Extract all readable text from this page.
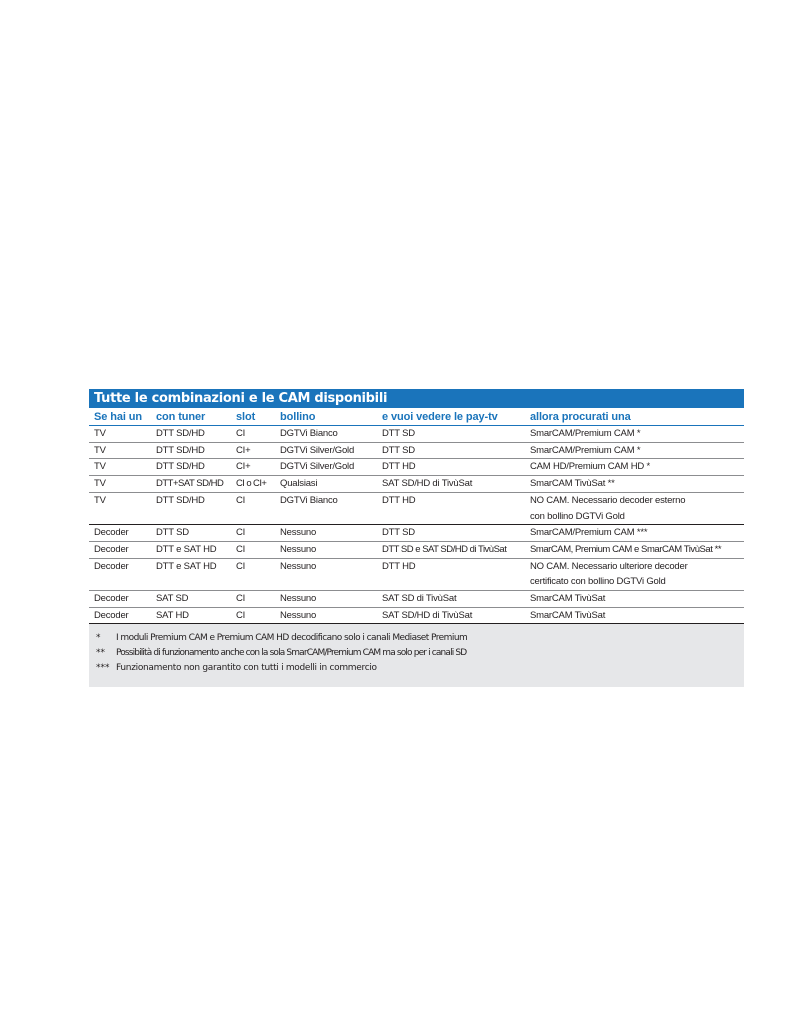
Tutte le combinazioni e le CAM disponibili
Se hai un	con tuner	slot	bollino	e vuoi vedere le pay-tv	allora procurati una
TV	DTT SD/HD	CI	DGTVi Bianco	DTT SD	SmarCAM/Premium CAM *

TV	DTT SD/HD	CI+	DGTVi Silver/Gold	DTT SD	SmarCAM/Premium CAM *

TV	DTT SD/HD	CI+	DGTVi Silver/Gold	DTT HD	CAM HD/Premium CAM HD *

TV	DTT+SAT SD/HD	CI o CI+	Qualsiasi	SAT SD/HD di TivùSat	SmarCAM TivùSat **

TV	DTT SD/HD	CI	DGTVi Bianco	DTT HD	NO CAM. Necessario decoder esterno
con bollino DGTVi Gold

Decoder	DTT SD	CI	Nessuno	DTT SD	SmarCAM/Premium CAM ***

Decoder	DTT e SAT HD	CI	Nessuno	DTT SD e SAT SD/HD di TivùSat	SmarCAM, Premium CAM e SmarCAM TivùSat **

Decoder	DTT e SAT HD	CI	Nessuno	DTT HD	NO CAM. Necessario ulteriore decoder
certificato con bollino DGTVi Gold

Decoder	SAT SD	CI	Nessuno	SAT SD di TivùSat	SmarCAM TivùSat

Decoder	SAT HD	CI	Nessuno	SAT SD/HD di TivùSat	SmarCAM TivùSat
*	I moduli Premium CAM e Premium CAM HD decodificano solo i canali Mediaset Premium
**	Possibilità di funzionamento anche con la sola SmarCAM/Premium CAM ma solo per i canali SD
*** Funzionamento non garantito con tutti i modelli in commercio
